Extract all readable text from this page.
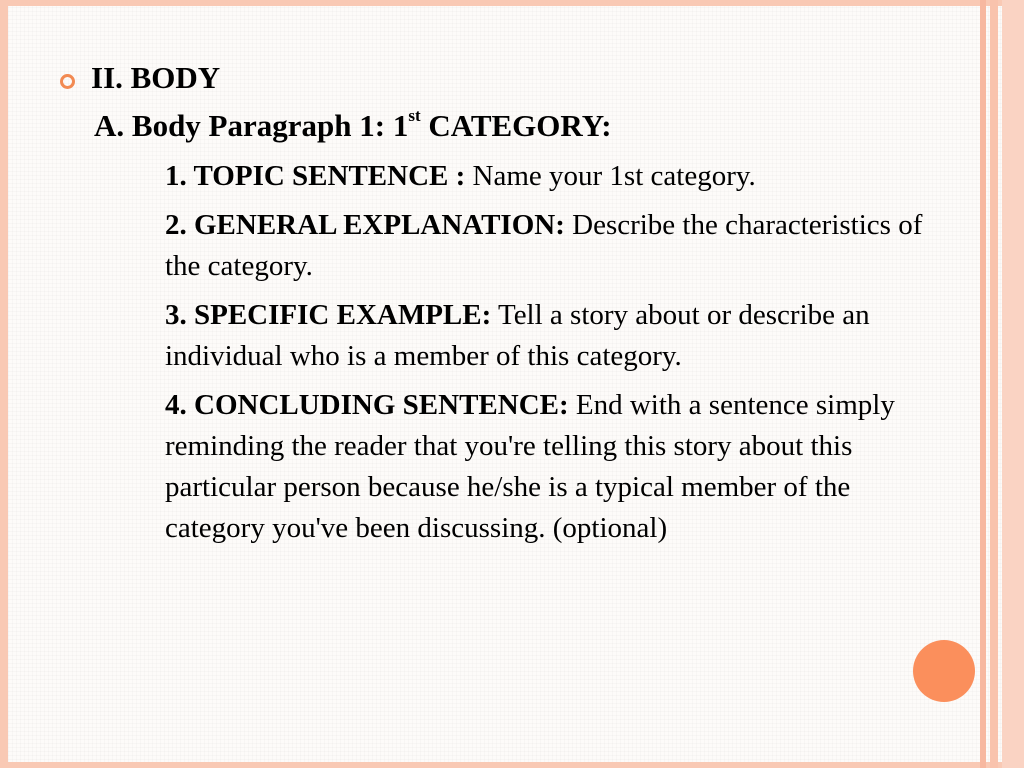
II. BODY
A. Body Paragraph 1: 1st CATEGORY:
1. TOPIC SENTENCE : Name your 1st category.
2. GENERAL EXPLANATION: Describe the characteristics of the category.
3. SPECIFIC EXAMPLE: Tell a story about or describe an individual who is a member of this category.
4. CONCLUDING SENTENCE: End with a sentence simply reminding the reader that you're telling this story about this particular person because he/she is a typical member of the category you've been discussing. (optional)
